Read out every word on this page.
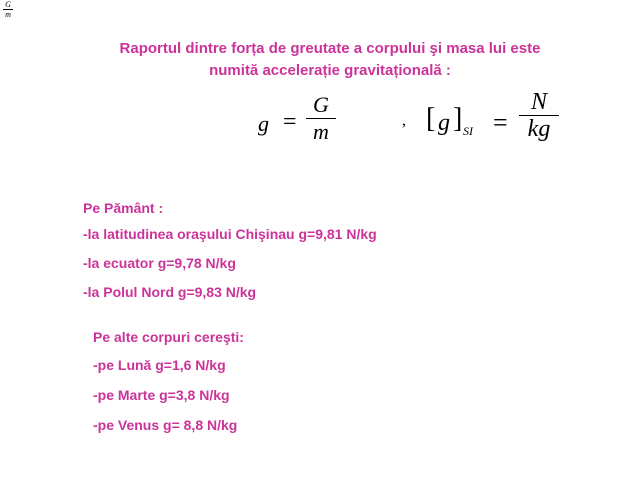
G
m
Raportul dintre forța de greutate a corpului şi masa lui este
numită accelerație gravitațională :
g =
G
m	, [ g ] SI =
N
kg
Pe Pământ :
-la latitudinea oraşului Chişinau g=9,81 N/kg
-la ecuator g=9,78 N/kg
-la Polul Nord g=9,83 N/kg
Pe alte corpuri cereşti:
-pe Lună g=1,6 N/kg
-pe Marte g=3,8 N/kg
-pe Venus g= 8,8 N/kg
